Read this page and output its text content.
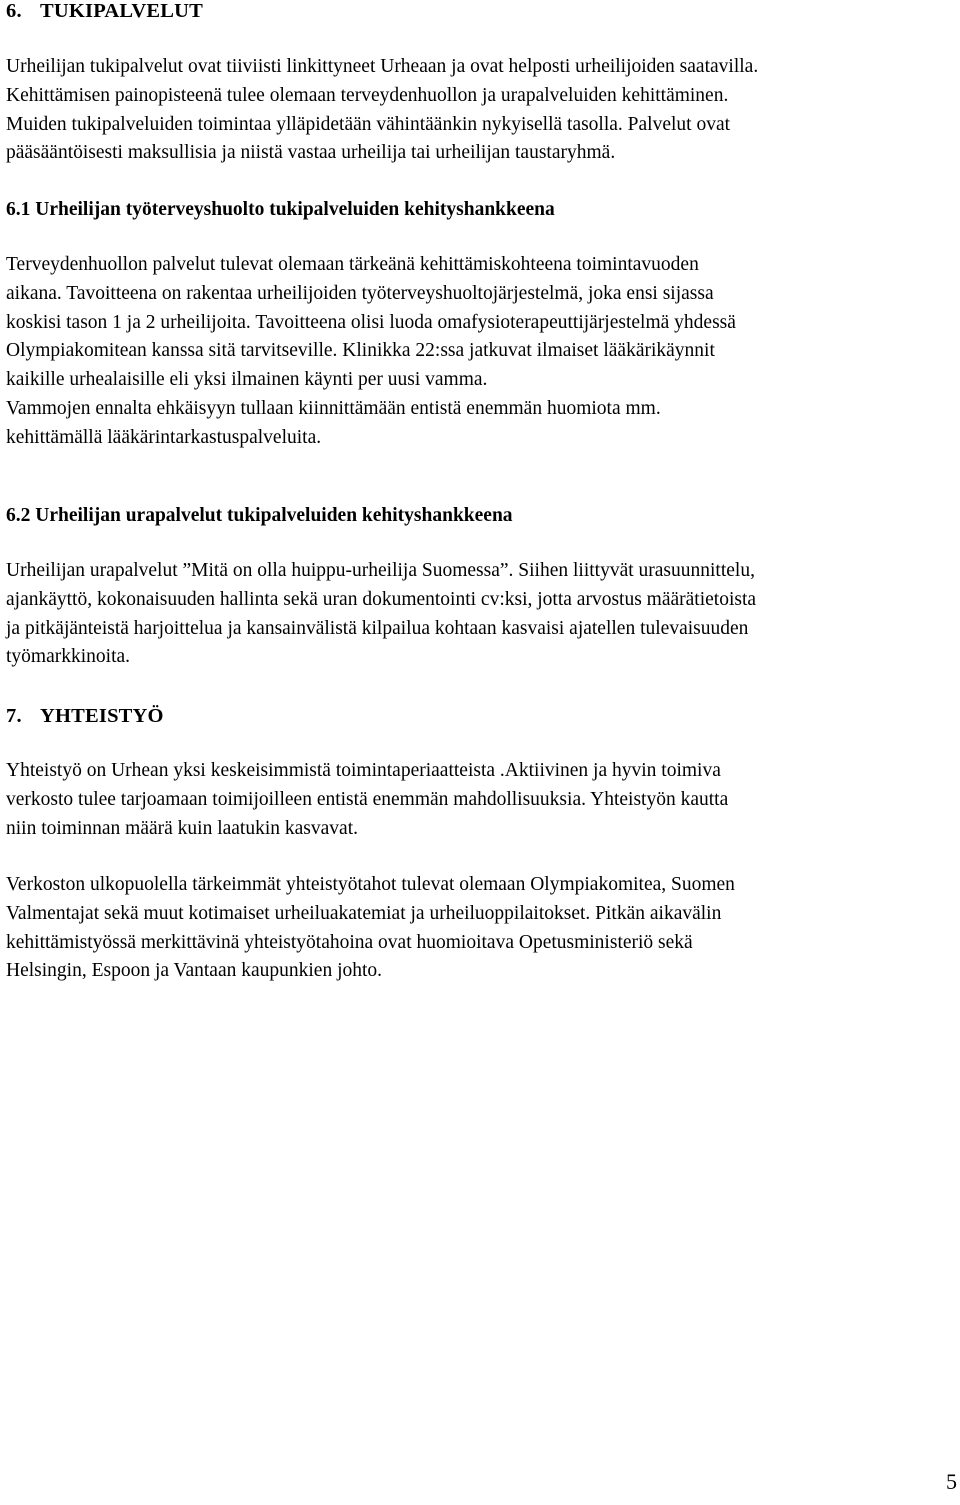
6. TUKIPALVELUT
Urheilijan tukipalvelut ovat tiiviisti linkittyneet Urheaan ja ovat helposti urheilijoiden saatavilla.
Kehittämisen painopisteenä tulee olemaan terveydenhuollon ja urapalveluiden kehittäminen.
Muiden tukipalveluiden toimintaa ylläpidetään vähintäänkin nykyisellä tasolla. Palvelut ovat
pääsääntöisesti maksullisia ja niistä vastaa urheilija tai urheilijan taustaryhmä.
6.1 Urheilijan työterveyshuolto tukipalveluiden kehityshankkeena
Terveydenhuollon palvelut tulevat olemaan tärkeänä kehittämiskohteena toimintavuoden
aikana. Tavoitteena on rakentaa urheilijoiden työterveyshuoltojärjestelmä, joka ensi sijassa
koskisi tason 1 ja 2 urheilijoita. Tavoitteena olisi luoda omafysioterapeuttijärjestelmä yhdessä
Olympiakomitean kanssa sitä tarvitseville. Klinikka 22:ssa jatkuvat ilmaiset lääkärikäynnit
kaikille urhealaisille eli yksi ilmainen käynti per uusi vamma.
Vammojen ennalta ehkäisyyn tullaan kiinnittämään entistä enemmän huomiota mm.
kehittämällä lääkärintarkastuspalveluita.
6.2 Urheilijan urapalvelut tukipalveluiden kehityshankkeena
Urheilijan urapalvelut ”Mitä on olla huippu-urheilija Suomessa”. Siihen liittyvät urasuunnittelu,
ajankäyttö, kokonaisuuden hallinta sekä uran dokumentointi cv:ksi, jotta arvostus määrätietoista
ja pitkäjänteistä harjoittelua ja kansainvälistä kilpailua kohtaan kasvaisi ajatellen tulevaisuuden
työmarkkinoita.
7. YHTEISTYÖ
Yhteistyö on Urhean yksi keskeisimmistä toimintaperiaatteista .Aktiivinen ja hyvin toimiva
verkosto tulee tarjoamaan toimijoilleen entistä enemmän mahdollisuuksia. Yhteistyön kautta
niin toiminnan määrä kuin laatukin kasvavat.
Verkoston ulkopuolella tärkeimmät yhteistyötahot tulevat olemaan Olympiakomitea, Suomen
Valmentajat sekä muut kotimaiset urheiluakatemiat ja urheiluoppilaitokset. Pitkän aikavälin
kehittämistyössä merkittävinä yhteistyötahoina ovat huomioitava Opetusministeriö sekä
Helsingin, Espoon ja Vantaan kaupunkien johto.
5
